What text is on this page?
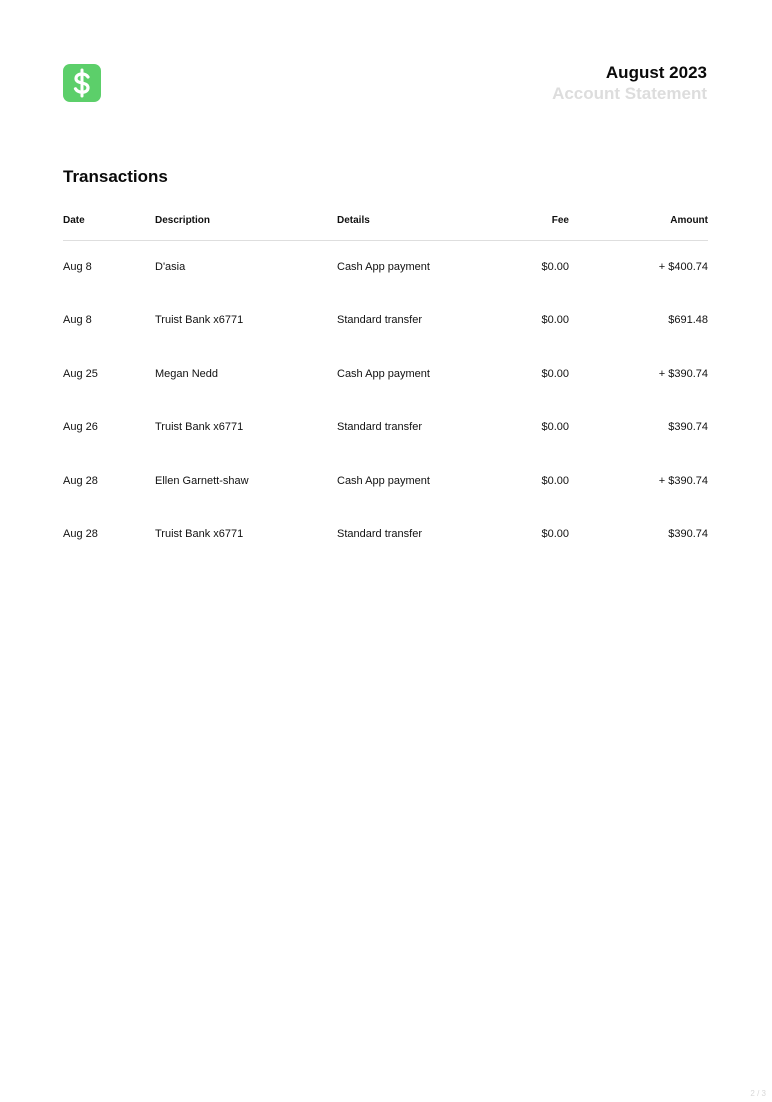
August 2023
Account Statement
Transactions
Date	Description	Details	Fee	Amount
Aug 8	D'asia	Cash App payment	$0.00	+ $400.74
Aug 8	Truist Bank x6771	Standard transfer	$0.00	$691.48
Aug 25	Megan Nedd	Cash App payment	$0.00	+ $390.74
Aug 26	Truist Bank x6771	Standard transfer	$0.00	$390.74
Aug 28	Ellen Garnett-shaw	Cash App payment	$0.00	+ $390.74
Aug 28	Truist Bank x6771	Standard transfer	$0.00	$390.74
2 / 3
